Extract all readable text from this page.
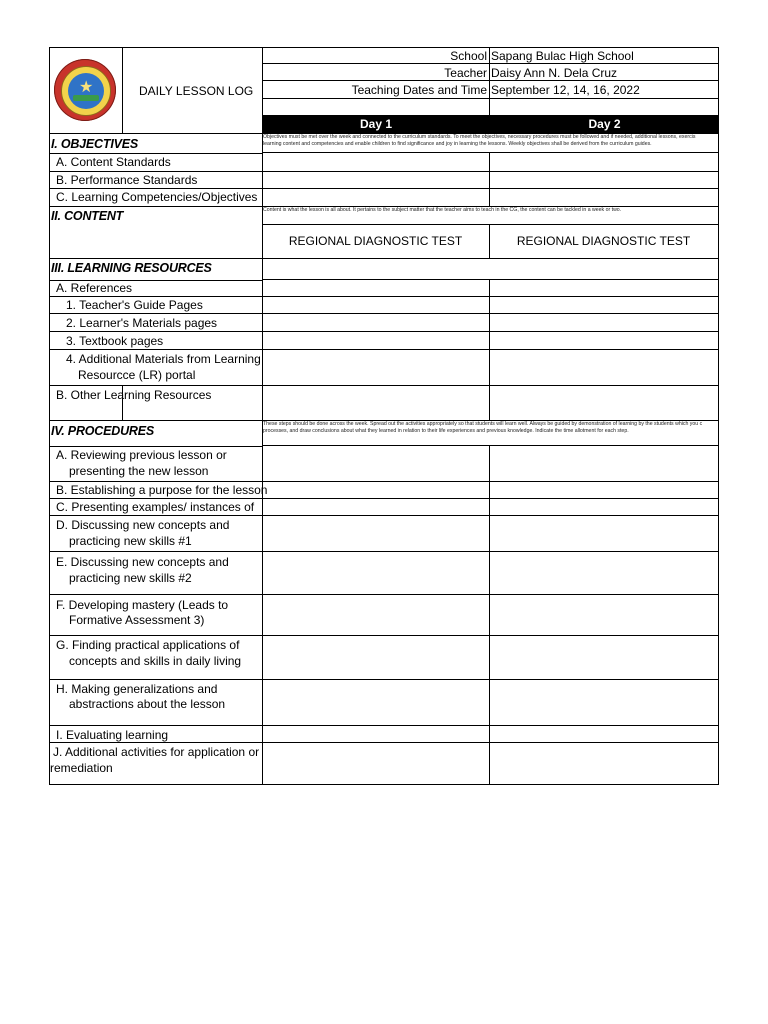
★	DAILY LESSON LOG
School Sapang Bulac High School
Teacher Daisy Ann N. Dela Cruz
Teaching Dates and Time September 12, 14, 16, 2022
Day 1	Day 2
I. OBJECTIVES	Objectives must be met over the week and connected to the curriculum standards. To meet the objectives, necessary procedures must be followed and if needed, additional lessons, exercis
learning content and competencies and enable children to find significance and joy in learning the lessons. Weekly objectives shall be derived from the curriculum guides.
A. Content Standards
B. Performance Standards
C. Learning Competencies/Objectives
II. CONTENT	Content is what the lesson is all about. It pertains to the subject matter that the teacher aims to teach in the CG, the content can be tackled in a week or two.
REGIONAL DIAGNOSTIC TEST	REGIONAL DIAGNOSTIC TEST
III. LEARNING RESOURCES
A. References
1. Teacher's Guide Pages
2. Learner's Materials pages
3. Textbook pages
4. Additional Materials from Learning
Resourcce (LR) portal
B. Other Learning Resources
IV. PROCEDURES	These steps should be done across the week. Spread out the activities appropriately so that students will learn well. Always be guided by demonstration of learning by the students which you c
processes, and draw conclusions about what they learned in relation to their life experiences and previous knowledge. Indicate the time allotment for each step.
A. Reviewing previous lesson or
presenting the new lesson
B. Establishing a purpose for the lesson
C. Presenting examples/ instances of
D. Discussing new concepts and
practicing new skills #1
E. Discussing new concepts and
practicing new skills #2
F. Developing mastery (Leads to
Formative Assessment 3)
G. Finding practical applications of
concepts and skills in daily living
H. Making generalizations and
abstractions about the lesson
I. Evaluating learning
J. Additional activities for application or
remediation
